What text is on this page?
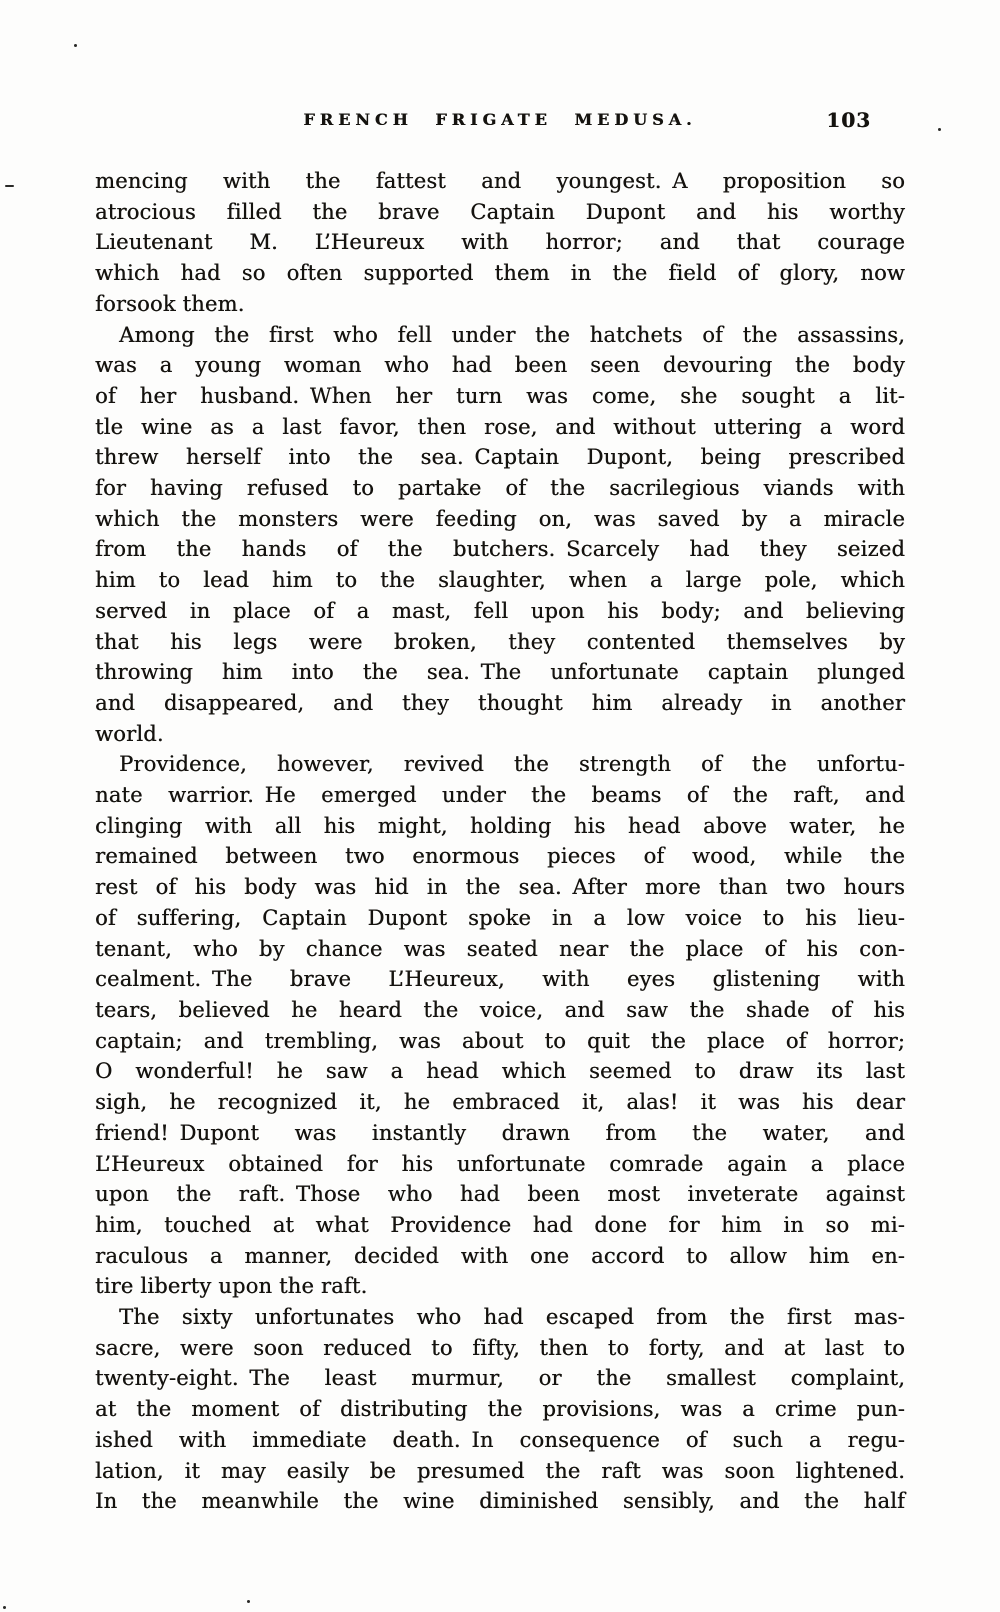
FRENCH FRIGATE MEDUSA.	103
mencing with the fattest and youngest. A proposition so
atrocious filled the brave Captain Dupont and his worthy
Lieutenant M. L’Heureux with horror; and that courage
which had so often supported them in the field of glory, now
forsook them.
Among the first who fell under the hatchets of the assassins,
was a young woman who had been seen devouring the body
of her husband. When her turn was come, she sought a lit-
tle wine as a last favor, then rose, and without uttering a word
threw herself into the sea. Captain Dupont, being prescribed
for having refused to partake of the sacrilegious viands with
which the monsters were feeding on, was saved by a miracle
from the hands of the butchers. Scarcely had they seized
him to lead him to the slaughter, when a large pole, which
served in place of a mast, fell upon his body; and believing
that his legs were broken, they contented themselves by
throwing him into the sea. The unfortunate captain plunged
and disappeared, and they thought him already in another
world.
Providence, however, revived the strength of the unfortu-
nate warrior. He emerged under the beams of the raft, and
clinging with all his might, holding his head above water, he
remained between two enormous pieces of wood, while the
rest of his body was hid in the sea. After more than two hours
of suffering, Captain Dupont spoke in a low voice to his lieu-
tenant, who by chance was seated near the place of his con-
cealment. The brave L’Heureux, with eyes glistening with
tears, believed he heard the voice, and saw the shade of his
captain; and trembling, was about to quit the place of horror;
O wonderful! he saw a head which seemed to draw its last
sigh, he recognized it, he embraced it, alas! it was his dear
friend! Dupont was instantly drawn from the water, and
L’Heureux obtained for his unfortunate comrade again a place
upon the raft. Those who had been most inveterate against
him, touched at what Providence had done for him in so mi-
raculous a manner, decided with one accord to allow him en-
tire liberty upon the raft.
The sixty unfortunates who had escaped from the first mas-
sacre, were soon reduced to fifty, then to forty, and at last to
twenty-eight. The least murmur, or the smallest complaint,
at the moment of distributing the provisions, was a crime pun-
ished with immediate death. In consequence of such a regu-
lation, it may easily be presumed the raft was soon lightened.
In the meanwhile the wine diminished sensibly, and the half
